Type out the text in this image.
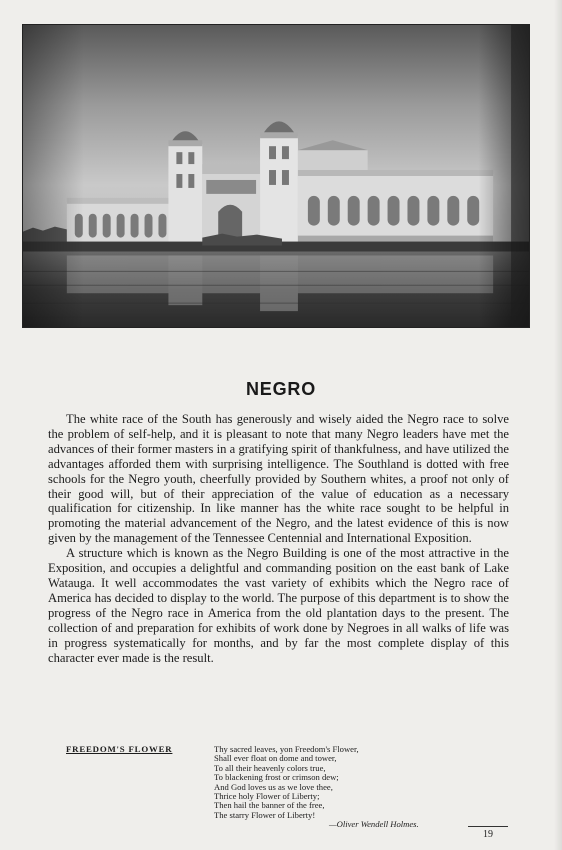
NEGRO

The white race of the South has generously and wisely aided the Negro race to solve the problem of self-help, and it is pleasant to note that many Negro leaders have met the advances of their former masters in a gratifying spirit of thankfulness, and have utilized the advantages afforded them with surprising intelligence. The Southland is dotted with free schools for the Negro youth, cheerfully provided by Southern whites, a proof not only of their good will, but of their appreciation of the value of education as a necessary qualification for citizenship. In like manner has the white race sought to be helpful in promoting the material advancement of the Negro, and the latest evidence of this is now given by the management of the Tennessee Centennial and International Exposition.

A structure which is known as the Negro Building is one of the most attractive in the Exposition, and occupies a delightful and commanding position on the east bank of Lake Watauga. It well accommodates the vast variety of exhibits which the Negro race of America has decided to display to the world. The purpose of this department is to show the progress of the Negro race in America from the old plantation days to the present. The collection of and preparation for exhibits of work done by Negroes in all walks of life was in progress systematically for months, and by far the most complete display of this character ever made is the result.

FREEDOM'S FLOWER	Thy sacred leaves, yon Freedom's Flower,
Shall ever float on dome and tower,
To all their heavenly colors true,
To blackening frost or crimson dew;
And God loves us as we love thee,
Thrice holy Flower of Liberty;
Then hail the banner of the free,
The starry Flower of Liberty!
—Oliver Wendell Holmes.
19
